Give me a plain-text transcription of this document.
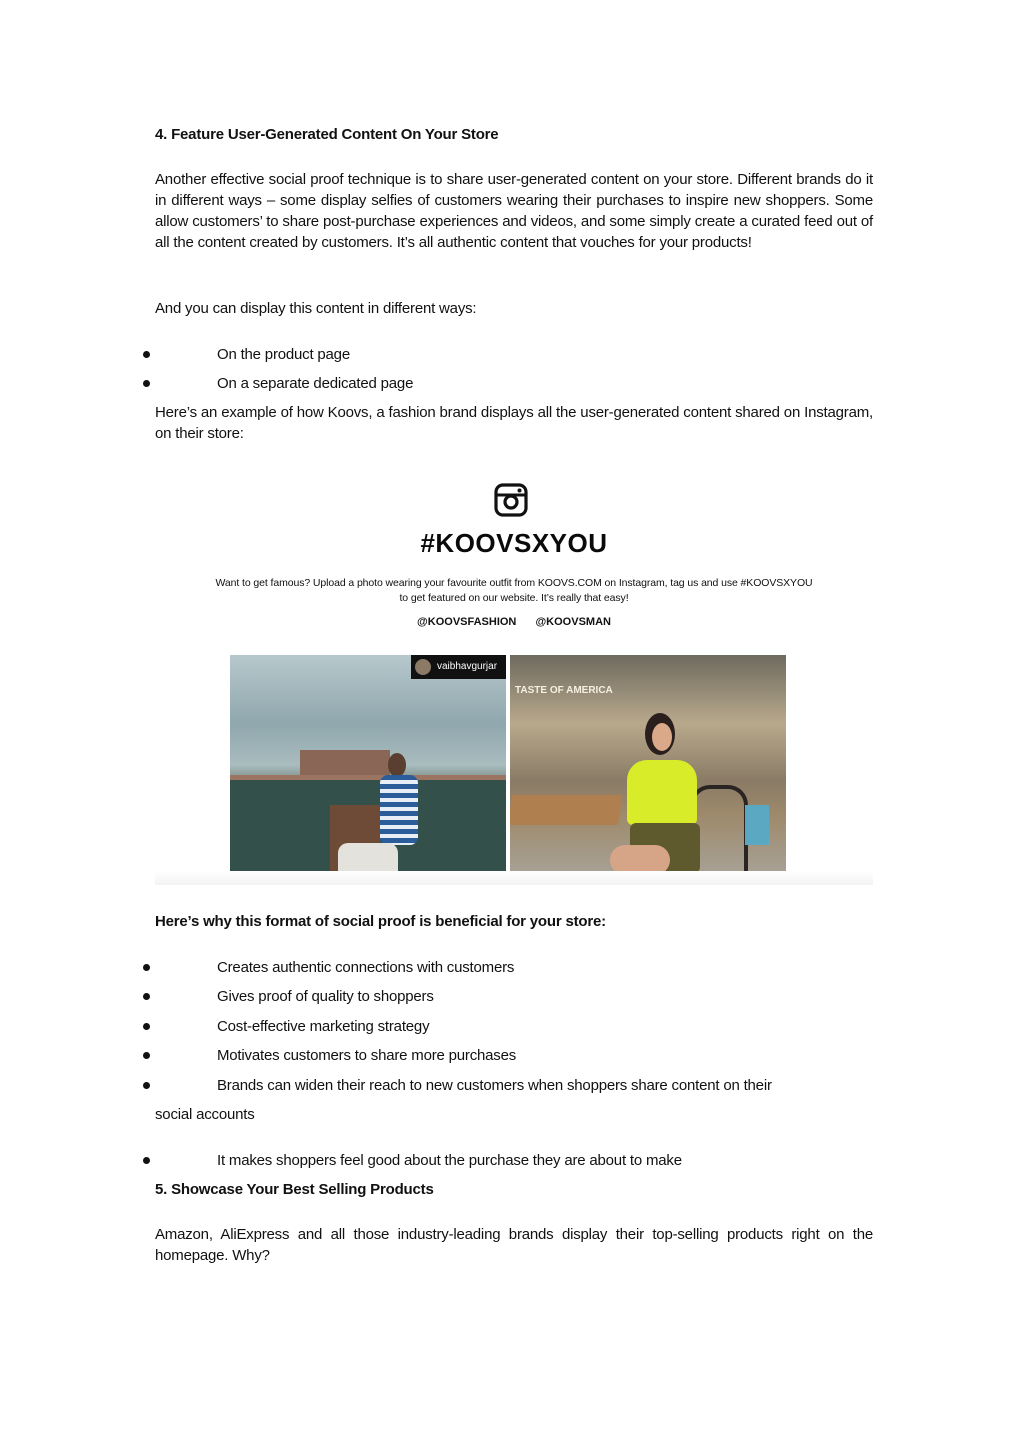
4. Feature User-Generated Content On Your Store
Another effective social proof technique is to share user-generated content on your store. Different brands do it in different ways – some display selfies of customers wearing their purchases to inspire new shoppers. Some allow customers’ to share post-purchase experiences and videos, and some simply create a curated feed out of all the content created by customers. It’s all authentic content that vouches for your products!
And you can display this content in different ways:
On the product page
On a separate dedicated page
Here’s an example of how Koovs, a fashion brand displays all the user-generated content shared on Instagram, on their store:
#KOOVSXYOU
Want to get famous? Upload a photo wearing your favourite outfit from KOOVS.COM on Instagram, tag us and use #KOOVSXYOU to get featured on our website. It’s really that easy!
@KOOVSFASHION @KOOVSMAN
vaibhavgurjar
TASTE OF AMERICA
Here’s why this format of social proof is beneficial for your store:
Creates authentic connections with customers
Gives proof of quality to shoppers
Cost-effective marketing strategy
Motivates customers to share more purchases
Brands can widen their reach to new customers when shoppers share content on their
social accounts
It makes shoppers feel good about the purchase they are about to make
5. Showcase Your Best Selling Products
Amazon, AliExpress and all those industry-leading brands display their top-selling products right on the homepage. Why?
